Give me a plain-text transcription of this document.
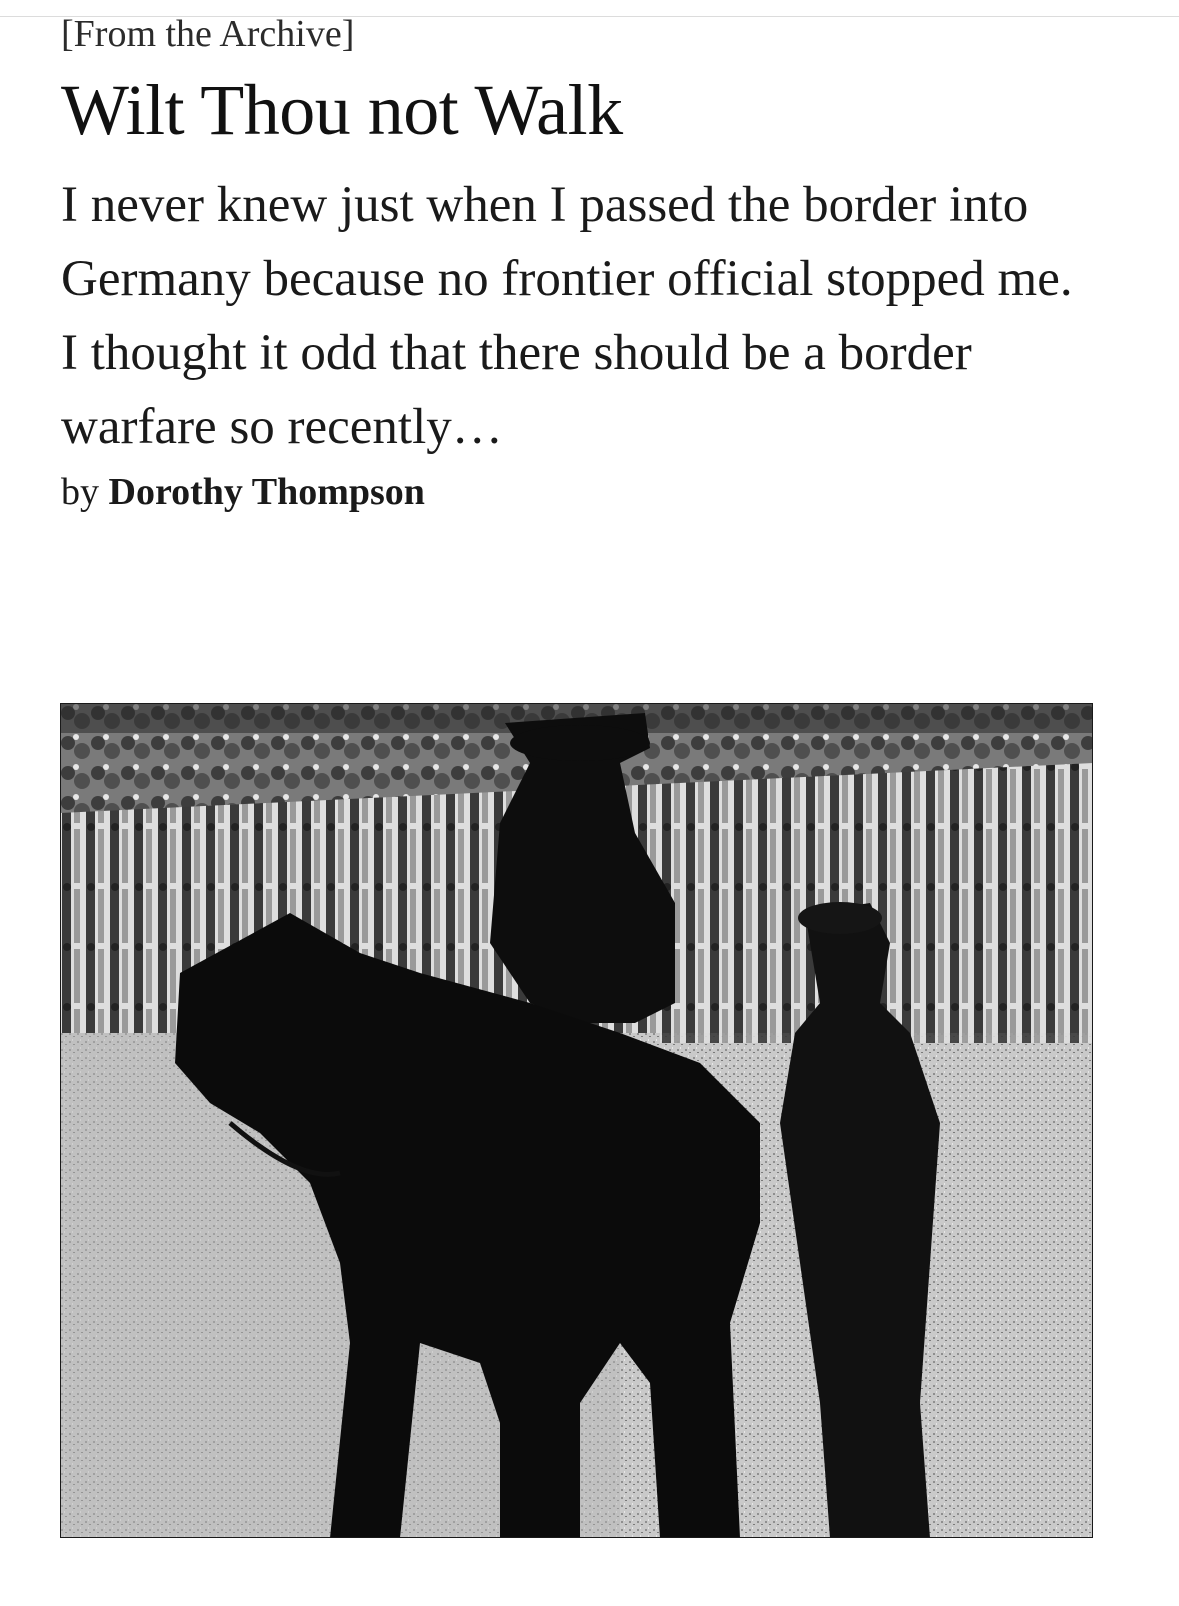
[From the Archive]
Wilt Thou not Walk

I never knew just when I passed the border into Germany because no frontier official stopped me. I thought it odd that there should be a border warfare so recently…

by Dorothy Thompson
